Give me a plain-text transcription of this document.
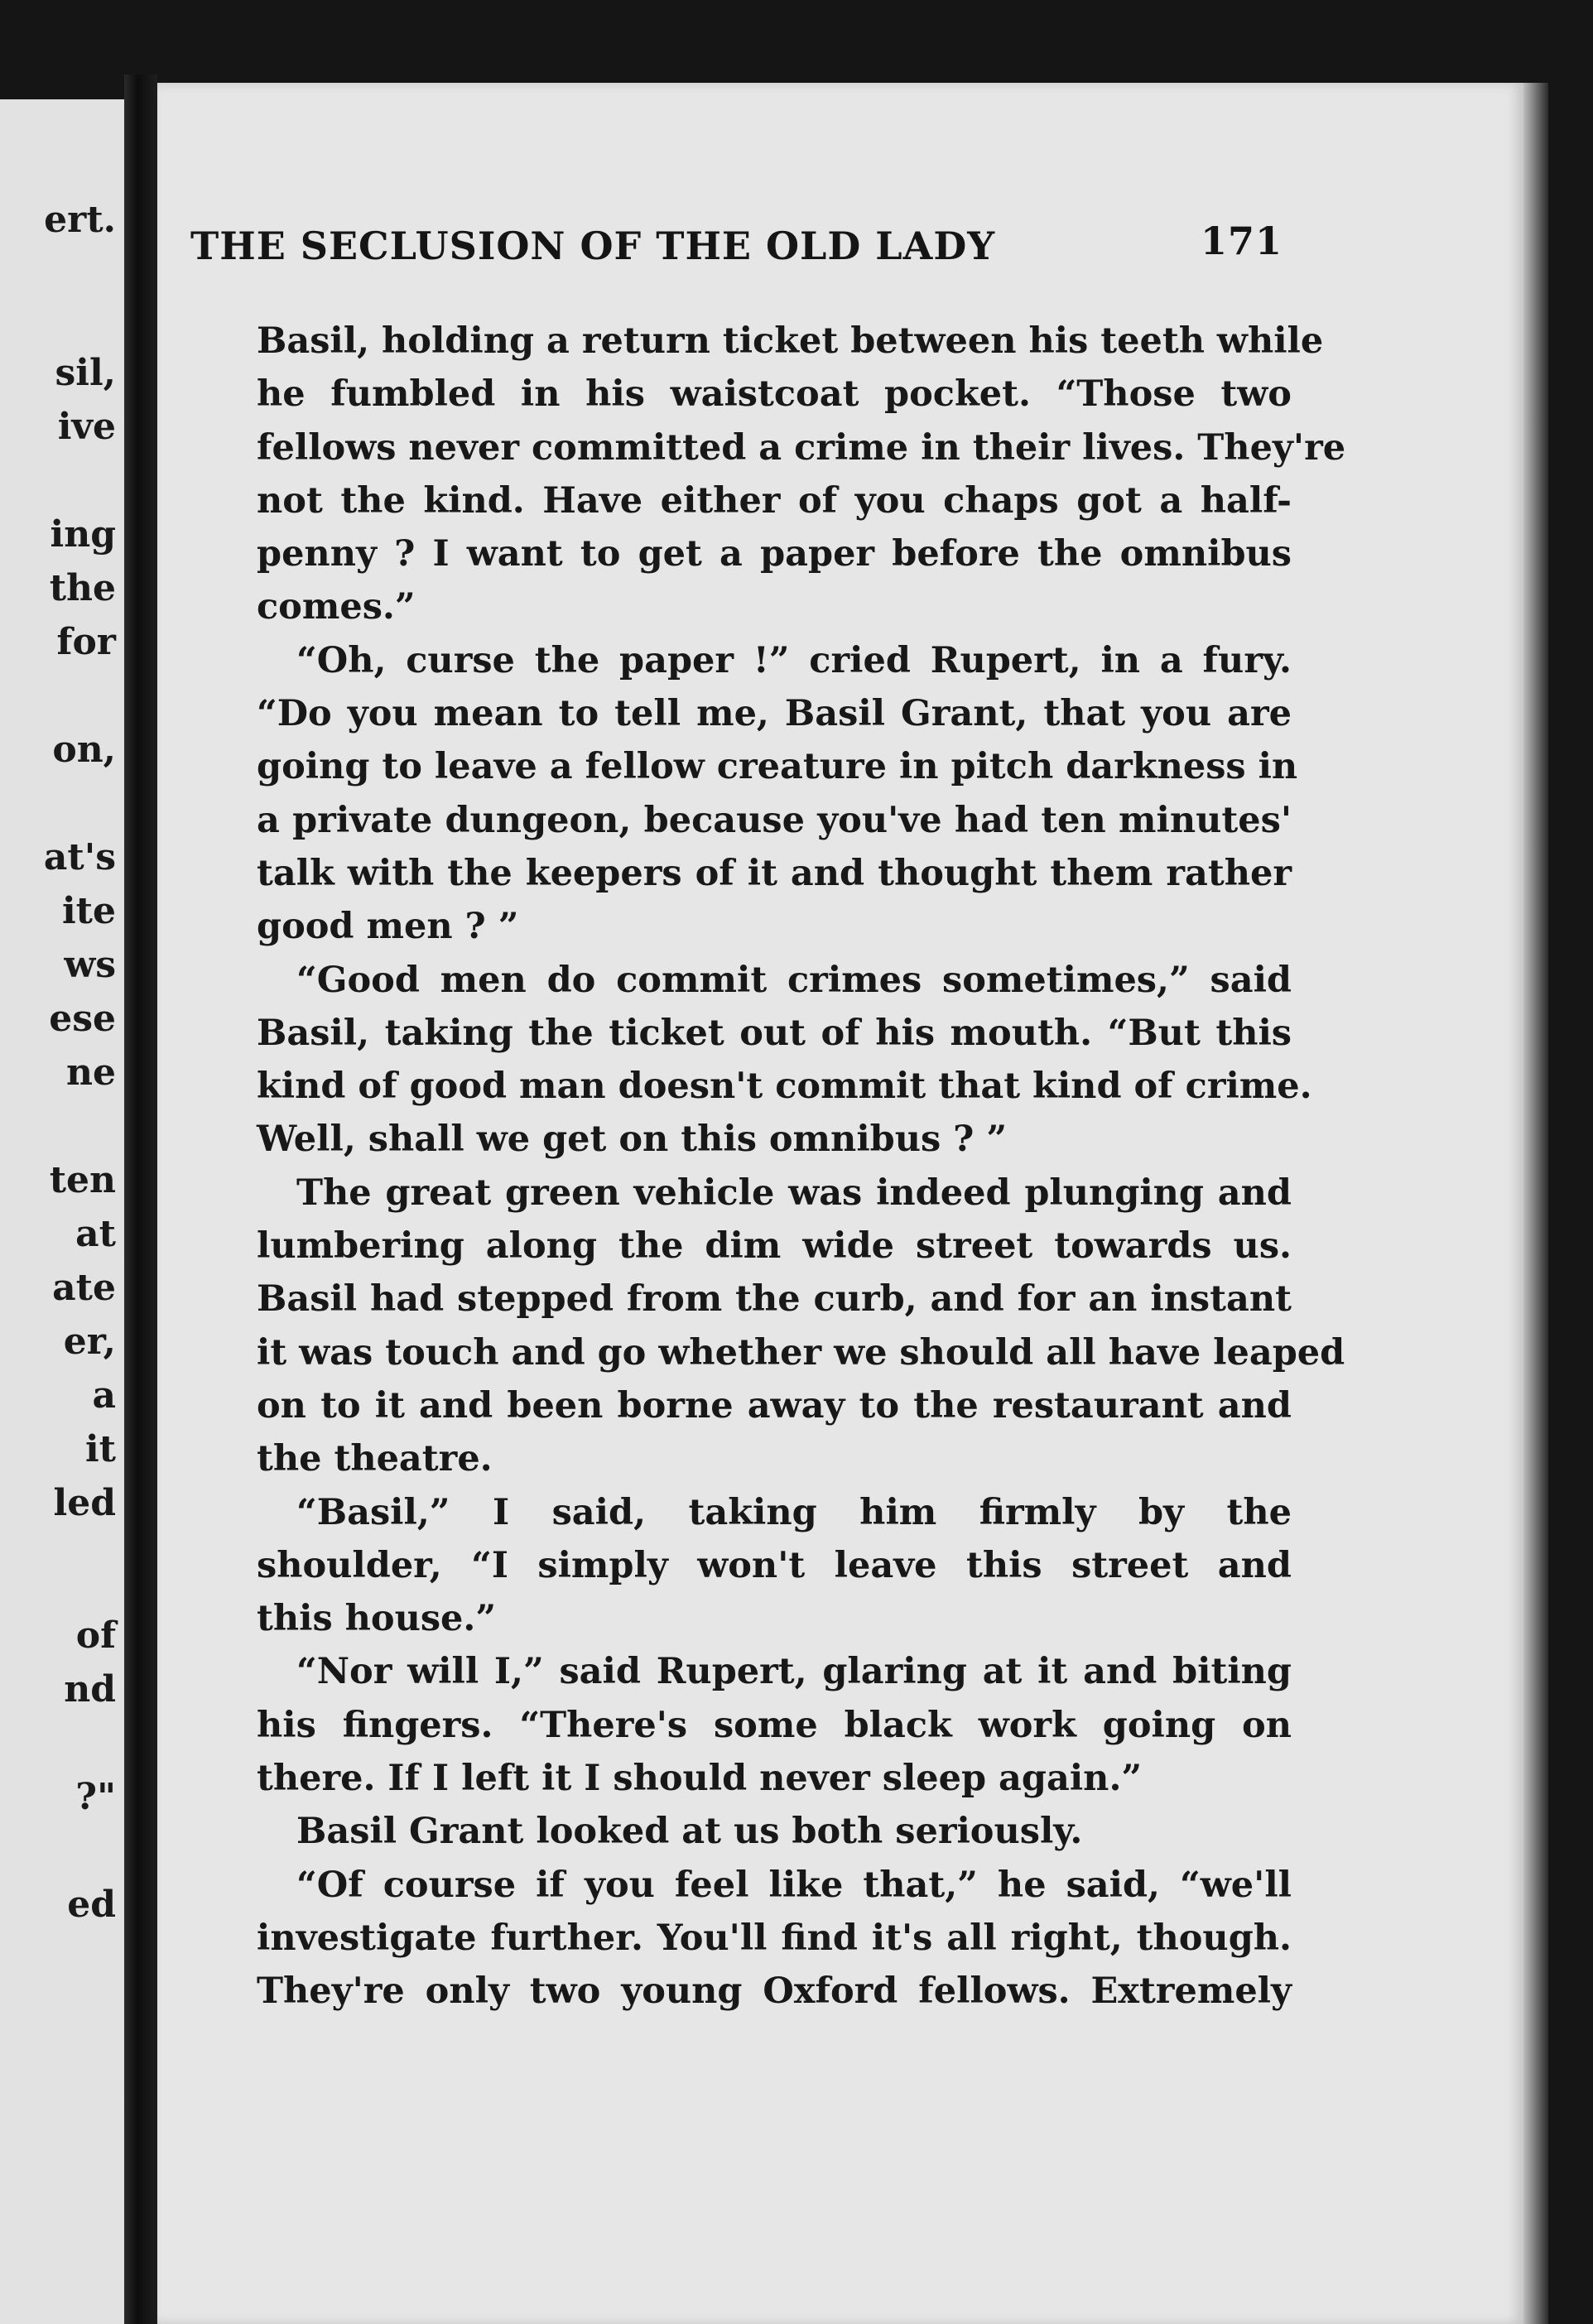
ert.
sil,
ive
ing
the
for
on,
at's
ite
ws
ese
ne
ten
at
ate
er,
a
it
led
of
nd
?"
ed
THE SECLUSION OF THE OLD LADY	171
Basil, holding a return ticket between his teeth while
he fumbled in his waistcoat pocket. “Those two
fellows never committed a crime in their lives. They're
not the kind. Have either of you chaps got a half-
penny ? I want to get a paper before the omnibus
comes.”
“Oh, curse the paper !” cried Rupert, in a fury.
“Do you mean to tell me, Basil Grant, that you are
going to leave a fellow creature in pitch darkness in
a private dungeon, because you've had ten minutes'
talk with the keepers of it and thought them rather
good men ? ”
“Good men do commit crimes sometimes,” said
Basil, taking the ticket out of his mouth. “But this
kind of good man doesn't commit that kind of crime.
Well, shall we get on this omnibus ? ”
The great green vehicle was indeed plunging and
lumbering along the dim wide street towards us.
Basil had stepped from the curb, and for an instant
it was touch and go whether we should all have leaped
on to it and been borne away to the restaurant and
the theatre.
“Basil,” I said, taking him firmly by the
shoulder, “I simply won't leave this street and
this house.”
“Nor will I,” said Rupert, glaring at it and biting
his fingers. “There's some black work going on
there. If I left it I should never sleep again.”
Basil Grant looked at us both seriously.
“Of course if you feel like that,” he said, “we'll
investigate further. You'll find it's all right, though.
They're only two young Oxford fellows. Extremely
